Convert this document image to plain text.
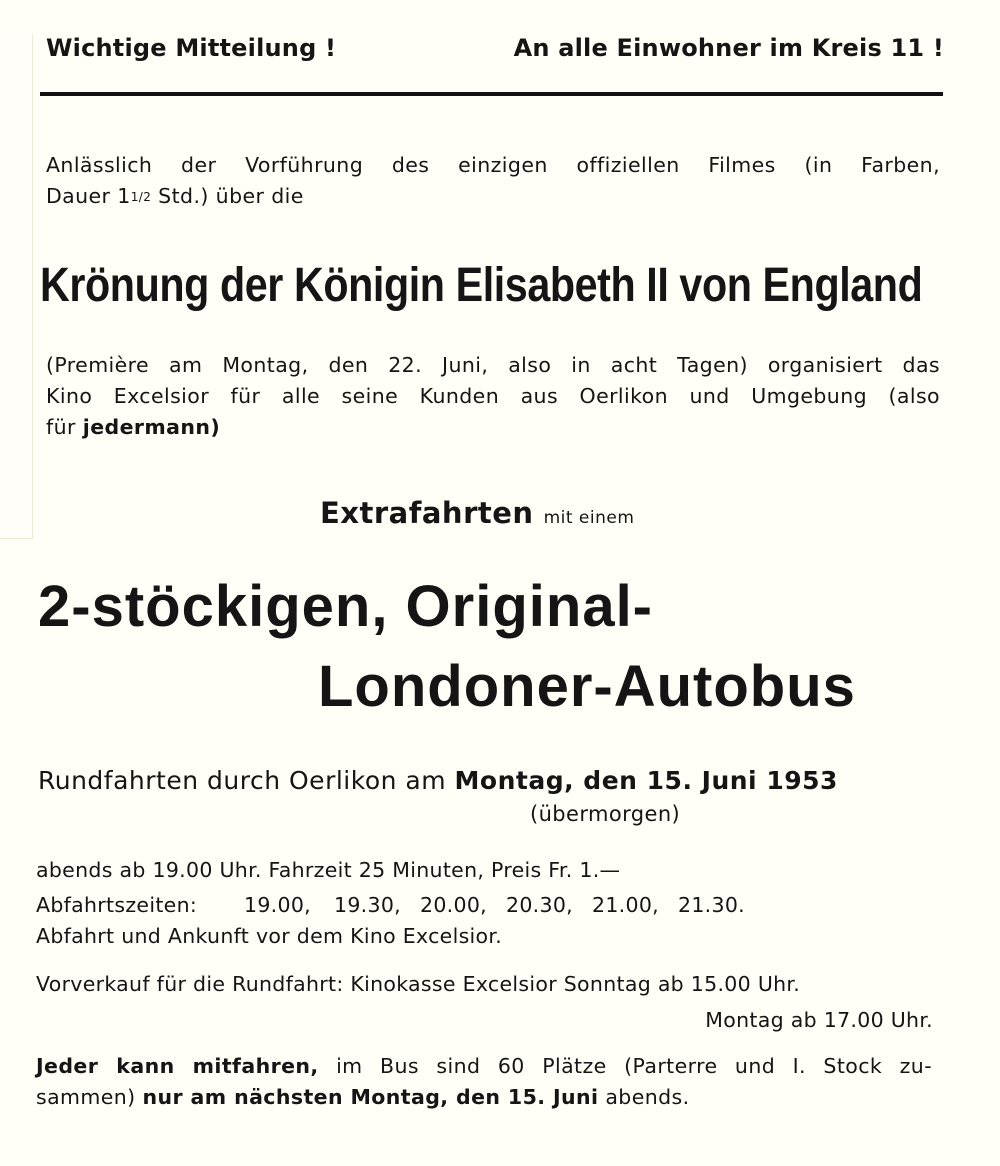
Wichtige Mitteilung !	An alle Einwohner im Kreis 11 !
Anlässlich der Vorführung des einzigen offiziellen Filmes (in Farben,
Dauer 11/2 Std.) über die
Krönung der Königin Elisabeth II von England
(Première am Montag, den 22. Juni, also in acht Tagen) organisiert das
Kino Excelsior für alle seine Kunden aus Oerlikon und Umgebung (also
für jedermann)
Extrafahrten mit einem
2-stöckigen, Original-
Londoner-Autobus
Rundfahrten durch Oerlikon am Montag, den 15. Juni 1953
(übermorgen)
abends ab 19.00 Uhr. Fahrzeit 25 Minuten, Preis Fr. 1.—
Abfahrtszeiten: 19.00, 19.30, 20.00, 20.30, 21.00, 21.30.
Abfahrt und Ankunft vor dem Kino Excelsior.
Vorverkauf für die Rundfahrt: Kinokasse Excelsior Sonntag ab 15.00 Uhr.
Montag ab 17.00 Uhr.
Jeder kann mitfahren, im Bus sind 60 Plätze (Parterre und I. Stock zu-
sammen) nur am nächsten Montag, den 15. Juni abends.
